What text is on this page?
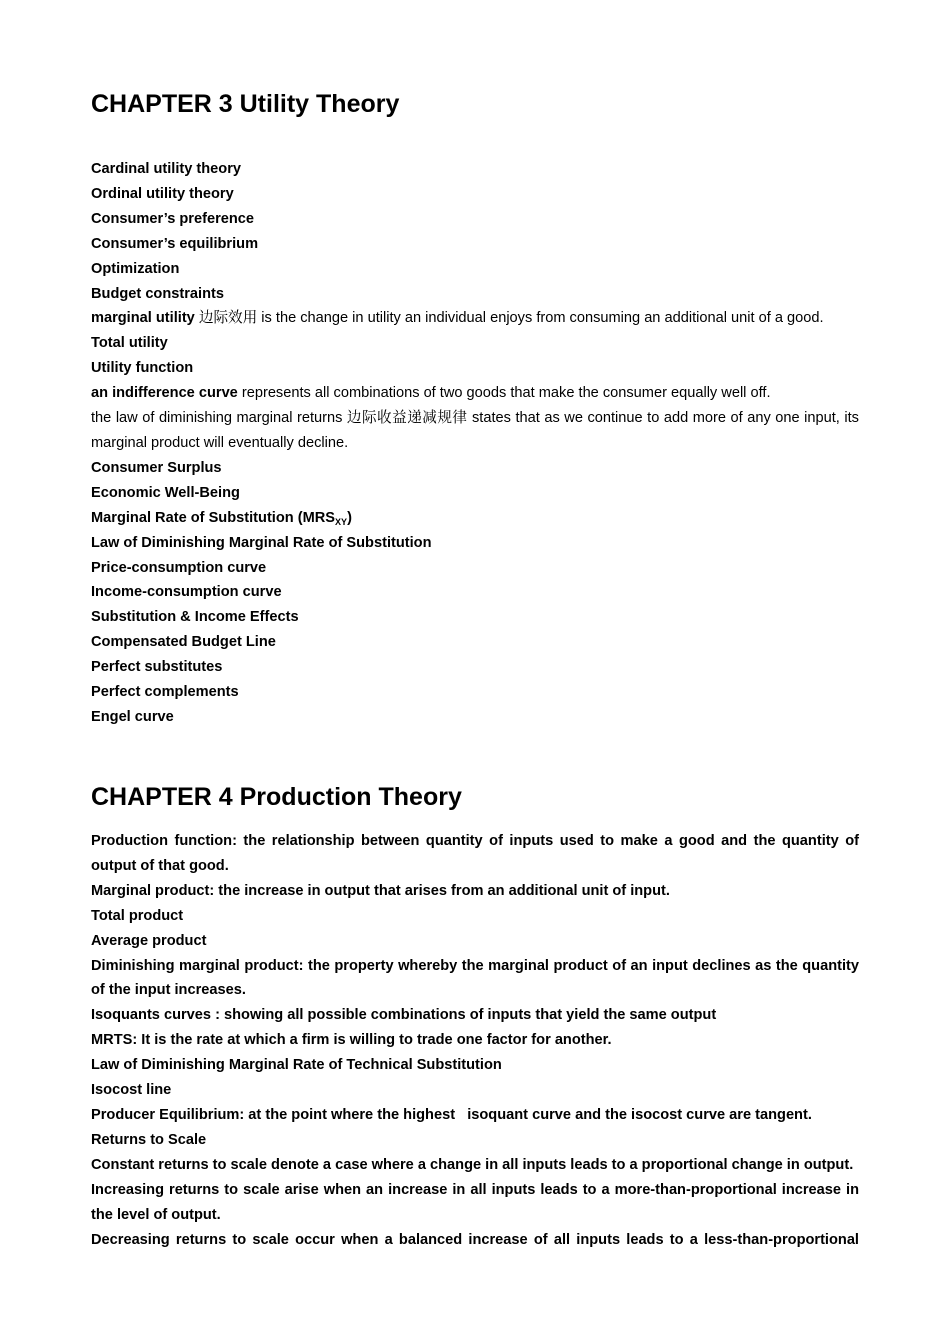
CHAPTER 3 Utility Theory

Cardinal utility theory

Ordinal utility theory

Consumer’s preference

Consumer’s equilibrium

Optimization

Budget constraints

marginal utility 边际效用 is the change in utility an individual enjoys from consuming an additional unit of a good.

Total utility

Utility function

an indifference curve represents all combinations of two goods that make the consumer equally well off.

the law of diminishing marginal returns 边际收益递减规律 states that as we continue to add more of any one input, its marginal product will eventually decline.

Consumer Surplus

Economic Well-Being

Marginal Rate of Substitution $(MRS_{XY})$

Law of Diminishing Marginal Rate of Substitution

Price-consumption curve

Income-consumption curve

Substitution & Income Effects

Compensated Budget Line

Perfect substitutes

Perfect complements

Engel curve

CHAPTER 4 Production Theory

Production function: the relationship between quantity of inputs used to make a good and the quantity of output of that good.

Marginal product: the increase in output that arises from an additional unit of input.

Total product

Average product

Diminishing marginal product: the property whereby the marginal product of an input declines as the quantity of the input increases.

Isoquants curves : showing all possible combinations of inputs that yield the same output

MRTS: It is the rate at which a firm is willing to trade one factor for another.

Law of Diminishing Marginal Rate of Technical Substitution

Isocost line

Producer Equilibrium: at the point where the highest   isoquant curve and the isocost curve are tangent.

Returns to Scale

Constant returns to scale denote a case where a change in all inputs leads to a proportional change in output.

Increasing returns to scale arise when an increase in all inputs leads to a more-than-proportional increase in the level of output.

Decreasing returns to scale occur when a balanced increase of all inputs leads to a less-than-proportional
